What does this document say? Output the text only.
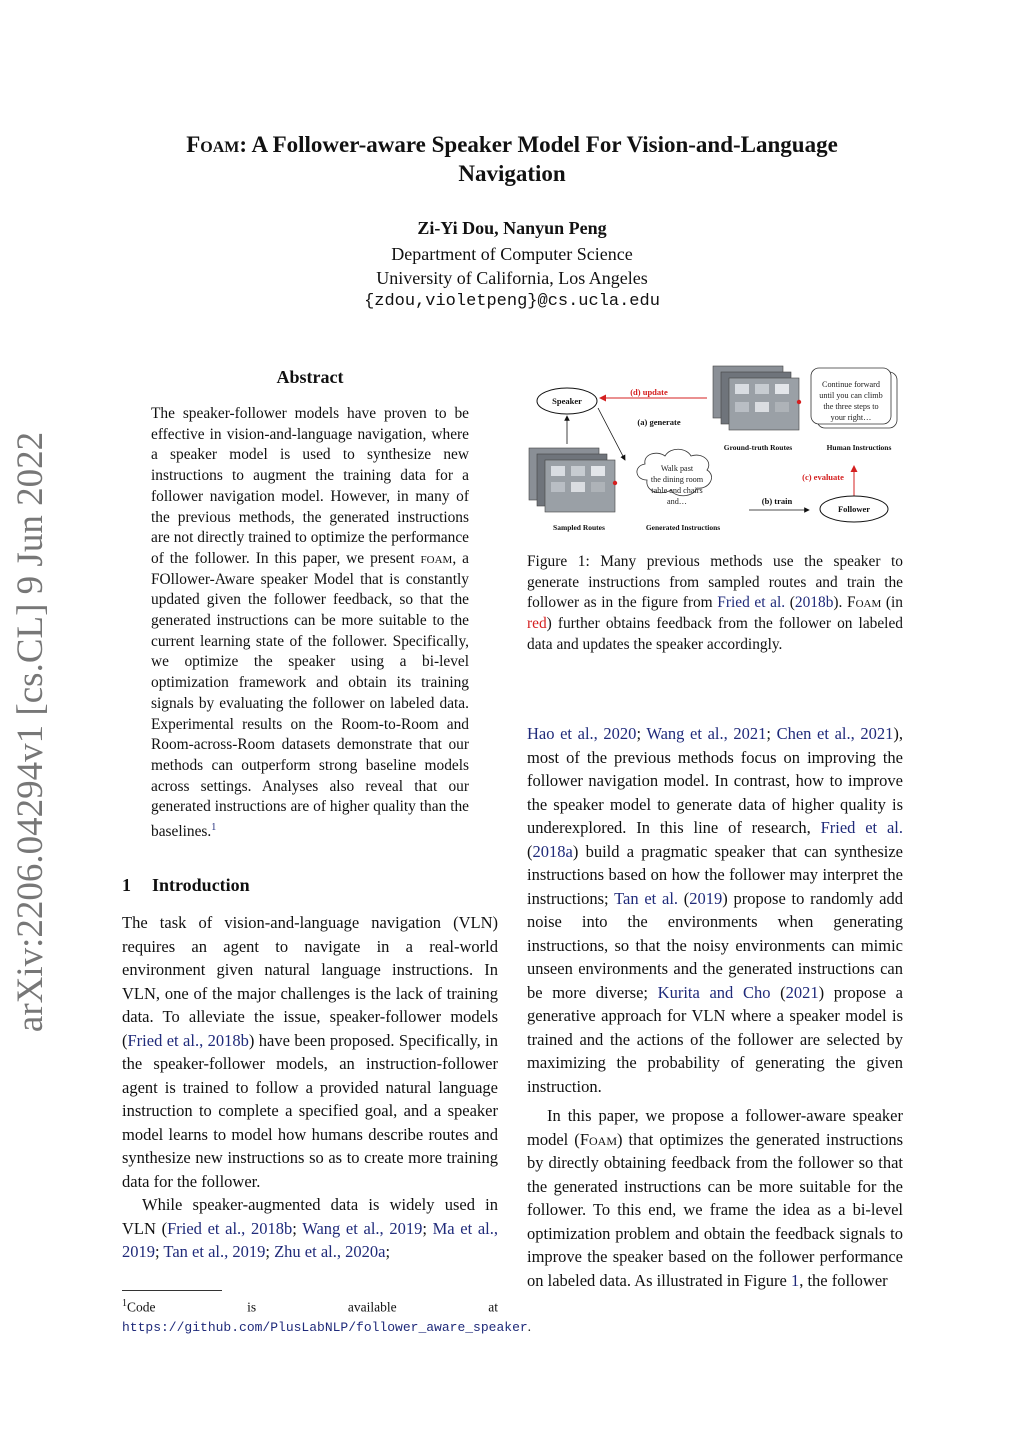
Foam: A Follower-aware Speaker Model For Vision-and-Language
Navigation
Zi-Yi Dou, Nanyun Peng
Department of Computer Science
University of California, Los Angeles
{zdou,violetpeng}@cs.ucla.edu
arXiv:2206.04294v1 [cs.CL] 9 Jun 2022
Abstract
The speaker-follower models have proven to be effective in vision-and-language navigation, where a speaker model is used to synthesize new instructions to augment the training data for a follower navigation model. However, in many of the previous methods, the generated instructions are not directly trained to optimize the performance of the follower. In this paper, we present foam, a FOllower-Aware speaker Model that is constantly updated given the follower feedback, so that the generated instructions can be more suitable to the current learning state of the follower. Specifically, we optimize the speaker using a bi-level optimization framework and obtain its training signals by evaluating the follower on labeled data. Experimental results on the Room-to-Room and Room-across-Room datasets demonstrate that our methods can outperform strong baseline models across settings. Analyses also reveal that our generated instructions are of higher quality than the baselines.$^1$
1 Introduction

The task of vision-and-language navigation (VLN) requires an agent to navigate in a real-world environment given natural language instructions. In VLN, one of the major challenges is the lack of training data. To alleviate the issue, speaker-follower models (Fried et al., 2018b) have been proposed. Specifically, in the speaker-follower models, an instruction-follower agent is trained to follow a provided natural language instruction to complete a specified goal, and a speaker model learns to model how humans describe routes and synthesize new instructions so as to create more training data for the follower.

While speaker-augmented data is widely used in VLN (Fried et al., 2018b; Wang et al., 2019; Ma et al., 2019; Tan et al., 2019; Zhu et al., 2020a;

$^1$Code is available at https://github.com/PlusLabNLP/follower_aware_speaker.
Speaker
(d) update
(a) generate
Sampled Routes
Walk past
the dining room
table and chairs
and…
Generated Instructions
Ground-truth Routes
Continue forward
until you can climb
the three steps to
your right…
Human Instructions
(c) evaluate
(b) train
Follower
Figure 1: Many previous methods use the speaker to generate instructions from sampled routes and train the follower as in the figure from Fried et al. (2018b). Foam (in red) further obtains feedback from the follower on labeled data and updates the speaker accordingly.

Hao et al., 2020; Wang et al., 2021; Chen et al., 2021), most of the previous methods focus on improving the follower navigation model. In contrast, how to improve the speaker model to generate data of higher quality is underexplored. In this line of research, Fried et al. (2018a) build a pragmatic speaker that can synthesize instructions based on how the follower may interpret the instructions; Tan et al. (2019) propose to randomly add noise into the environments when generating instructions, so that the noisy environments can mimic unseen environments and the generated instructions can be more diverse; Kurita and Cho (2021) propose a generative approach for VLN where a speaker model is trained and the actions of the follower are selected by maximizing the probability of generating the given instruction.

In this paper, we propose a follower-aware speaker model (Foam) that optimizes the generated instructions by directly obtaining feedback from the follower so that the generated instructions can be more suitable for the follower. To this end, we frame the idea as a bi-level optimization problem and obtain the feedback signals to improve the speaker based on the follower performance on labeled data. As illustrated in Figure 1, the follower
